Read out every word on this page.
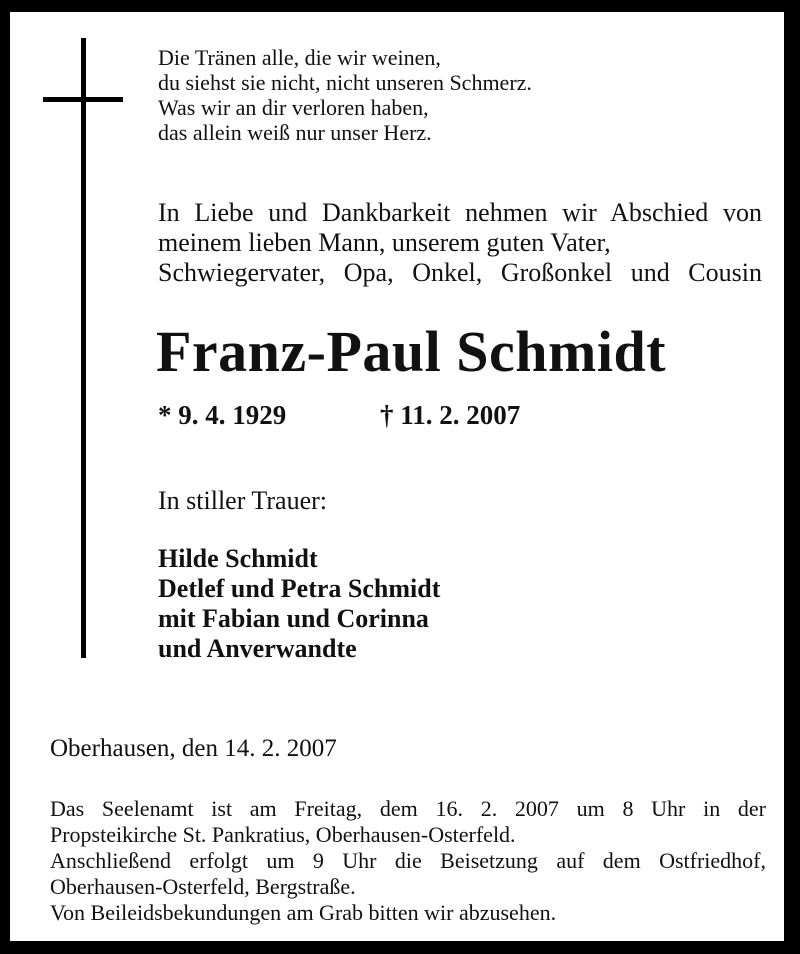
Die Tränen alle, die wir weinen,
du siehst sie nicht, nicht unseren Schmerz.
Was wir an dir verloren haben,
das allein weiß nur unser Herz.
In Liebe und Dankbarkeit nehmen wir Abschied von
meinem lieben Mann, unserem guten Vater,
Schwiegervater, Opa, Onkel, Großonkel und Cousin
Franz-Paul Schmidt
* 9. 4. 1929	† 11. 2. 2007
In stiller Trauer:
Hilde Schmidt
Detlef und Petra Schmidt
mit Fabian und Corinna
und Anverwandte
Oberhausen, den 14. 2. 2007
Das Seelenamt ist am Freitag, dem 16. 2. 2007 um 8 Uhr in der
Propsteikirche St. Pankratius, Oberhausen-Osterfeld.
Anschließend erfolgt um 9 Uhr die Beisetzung auf dem Ostfriedhof,
Oberhausen-Osterfeld, Bergstraße.
Von Beileidsbekundungen am Grab bitten wir abzusehen.
